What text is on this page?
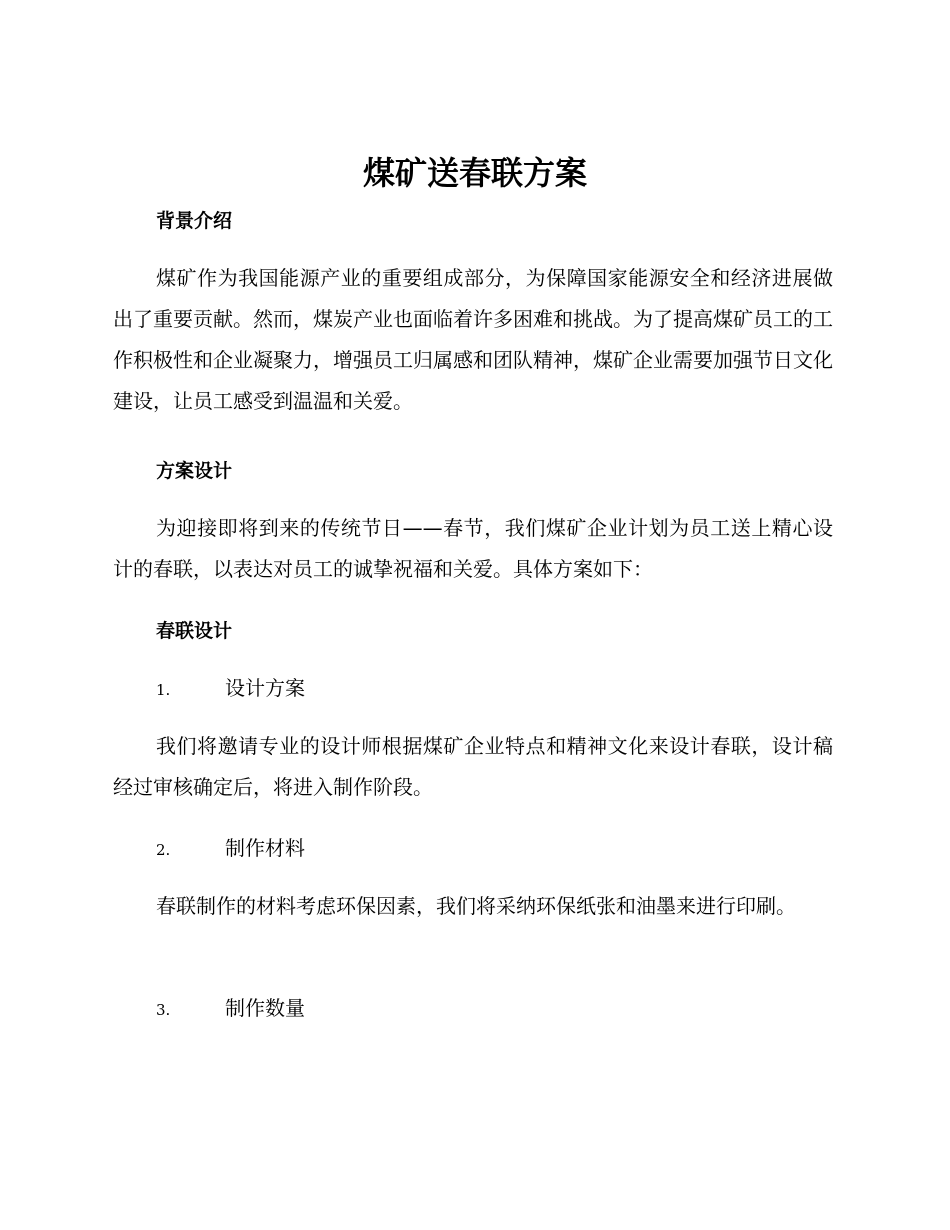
煤矿送春联方案
背景介绍

煤矿作为我国能源产业的重要组成部分，为保障国家能源安全和经济进展做出了重要贡献。然而，煤炭产业也面临着许多困难和挑战。为了提高煤矿员工的工作积极性和企业凝聚力，增强员工归属感和团队精神，煤矿企业需要加强节日文化建设，让员工感受到温温和关爱。

方案设计

为迎接即将到来的传统节日——春节，我们煤矿企业计划为员工送上精心设计的春联，以表达对员工的诚挚祝福和关爱。具体方案如下：

春联设计

1.	设计方案

我们将邀请专业的设计师根据煤矿企业特点和精神文化来设计春联，设计稿经过审核确定后，将进入制作阶段。

2.	制作材料

春联制作的材料考虑环保因素，我们将采纳环保纸张和油墨来进行印刷。

3.	制作数量
